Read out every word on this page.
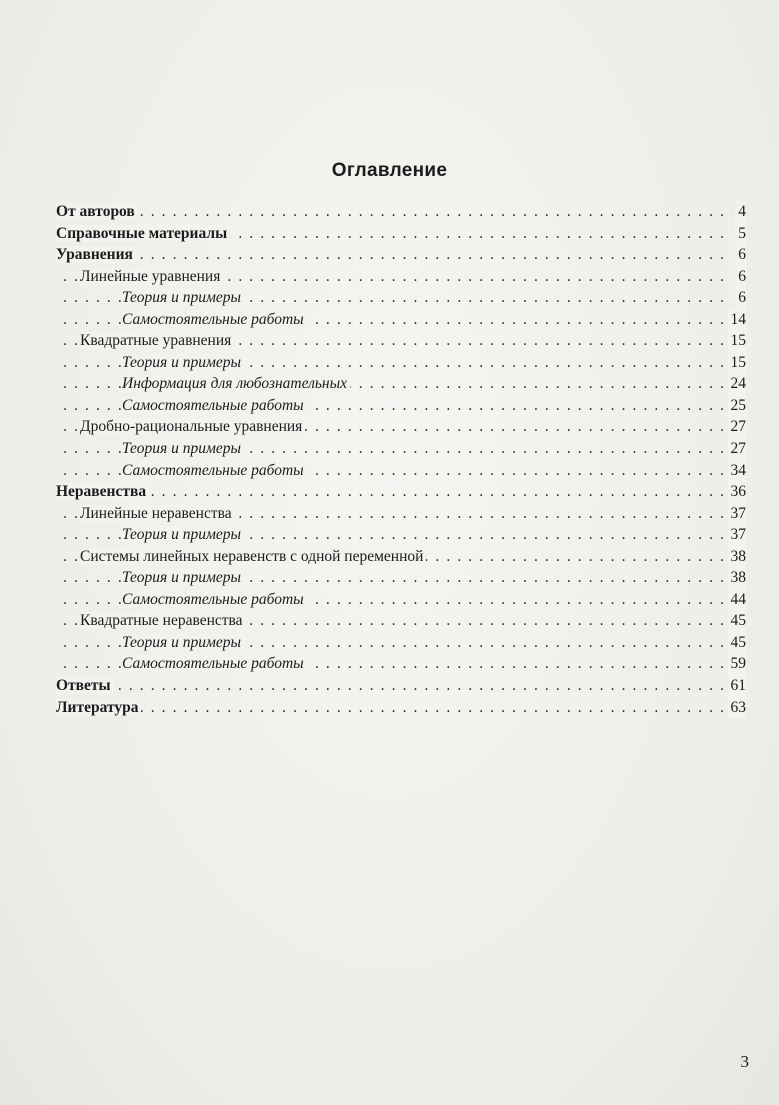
Оглавление
. . .
От авторов	4
. . .
Справочные материалы	5
. . .
Уравнения	6
. . .
Линейные уравнения	6
. . .
Теория и примеры	6
. . .
Самостоятельные работы	14
. . .
Квадратные уравнения	15
. . .
Теория и примеры	15
. . .
Информация для любознательных	24
. . .
Самостоятельные работы	25
. . .
Дробно-рациональные уравнения	27
. . .
Теория и примеры	27
. . .
Самостоятельные работы	34
. . .
Неравенства	36
. . .
Линейные неравенства	37
. . .
Теория и примеры	37
. . .
Системы линейных неравенств с одной переменной	38
. . .
Теория и примеры	38
. . .
Самостоятельные работы	44
. . .
Квадратные неравенства	45
. . .
Теория и примеры	45
. . .
Самостоятельные работы	59
. . .
Ответы	61
. . .
Литература	63
3
